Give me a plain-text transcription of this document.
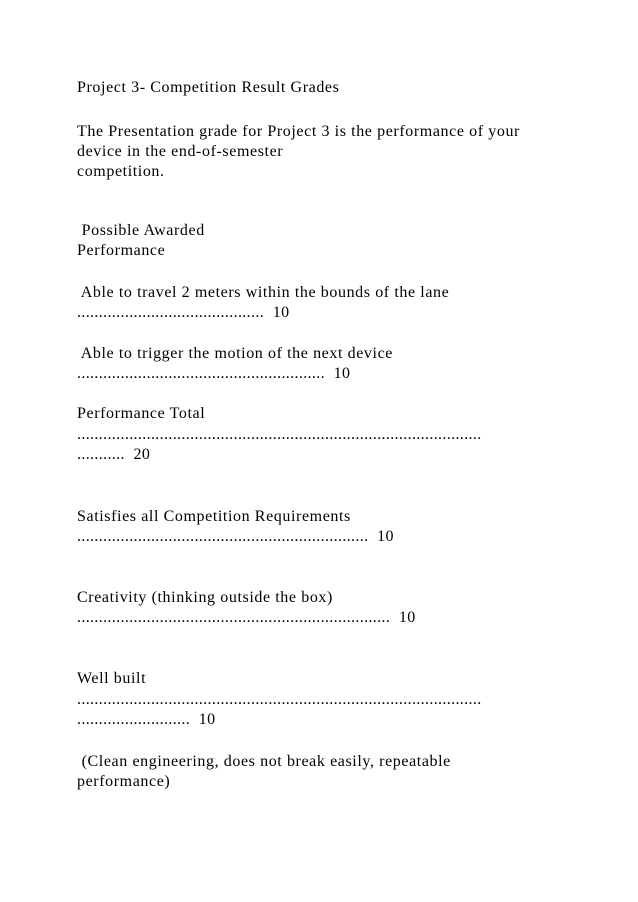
Project 3- Competition Result Grades
The Presentation grade for Project 3 is the performance of your
device in the end-of-semester
competition.
Possible Awarded
Performance
Able to travel 2 meters within the bounds of the lane
...........................................  10
Able to trigger the motion of the next device
.........................................................  10
Performance Total
.............................................................................................
...........  20
Satisfies all Competition Requirements
...................................................................  10
Creativity (thinking outside the box)
........................................................................  10
Well built
.............................................................................................
..........................  10
(Clean engineering, does not break easily, repeatable
performance)
